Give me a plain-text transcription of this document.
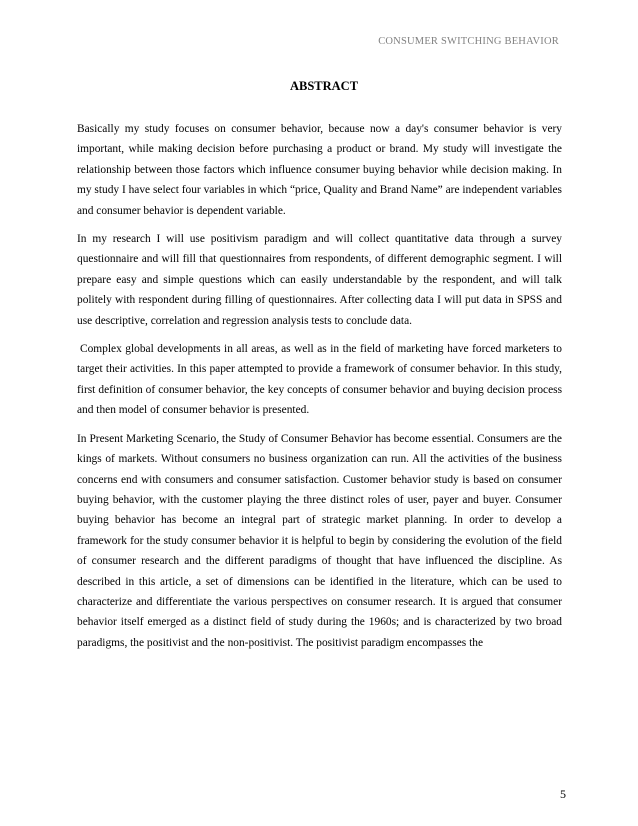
CONSUMER SWITCHING BEHAVIOR
ABSTRACT

Basically my study focuses on consumer behavior, because now a day's consumer behavior is very important, while making decision before purchasing a product or brand. My study will investigate the relationship between those factors which influence consumer buying behavior while decision making. In my study I have select four variables in which “price, Quality and Brand Name” are independent variables and consumer behavior is dependent variable.

In my research I will use positivism paradigm and will collect quantitative data through a survey questionnaire and will fill that questionnaires from respondents, of different demographic segment. I will prepare easy and simple questions which can easily understandable by the respondent, and will talk politely with respondent during filling of questionnaires. After collecting data I will put data in SPSS and use descriptive, correlation and regression analysis tests to conclude data.

Complex global developments in all areas, as well as in the field of marketing have forced marketers to target their activities. In this paper attempted to provide a framework of consumer behavior. In this study, first definition of consumer behavior, the key concepts of consumer behavior and buying decision process and then model of consumer behavior is presented.

In Present Marketing Scenario, the Study of Consumer Behavior has become essential. Consumers are the kings of markets. Without consumers no business organization can run. All the activities of the business concerns end with consumers and consumer satisfaction. Customer behavior study is based on consumer buying behavior, with the customer playing the three distinct roles of user, payer and buyer. Consumer buying behavior has become an integral part of strategic market planning. In order to develop a framework for the study consumer behavior it is helpful to begin by considering the evolution of the field of consumer research and the different paradigms of thought that have influenced the discipline. As described in this article, a set of dimensions can be identified in the literature, which can be used to characterize and differentiate the various perspectives on consumer research. It is argued that consumer behavior itself emerged as a distinct field of study during the 1960s; and is characterized by two broad paradigms, the positivist and the non-positivist. The positivist paradigm encompasses the

5
